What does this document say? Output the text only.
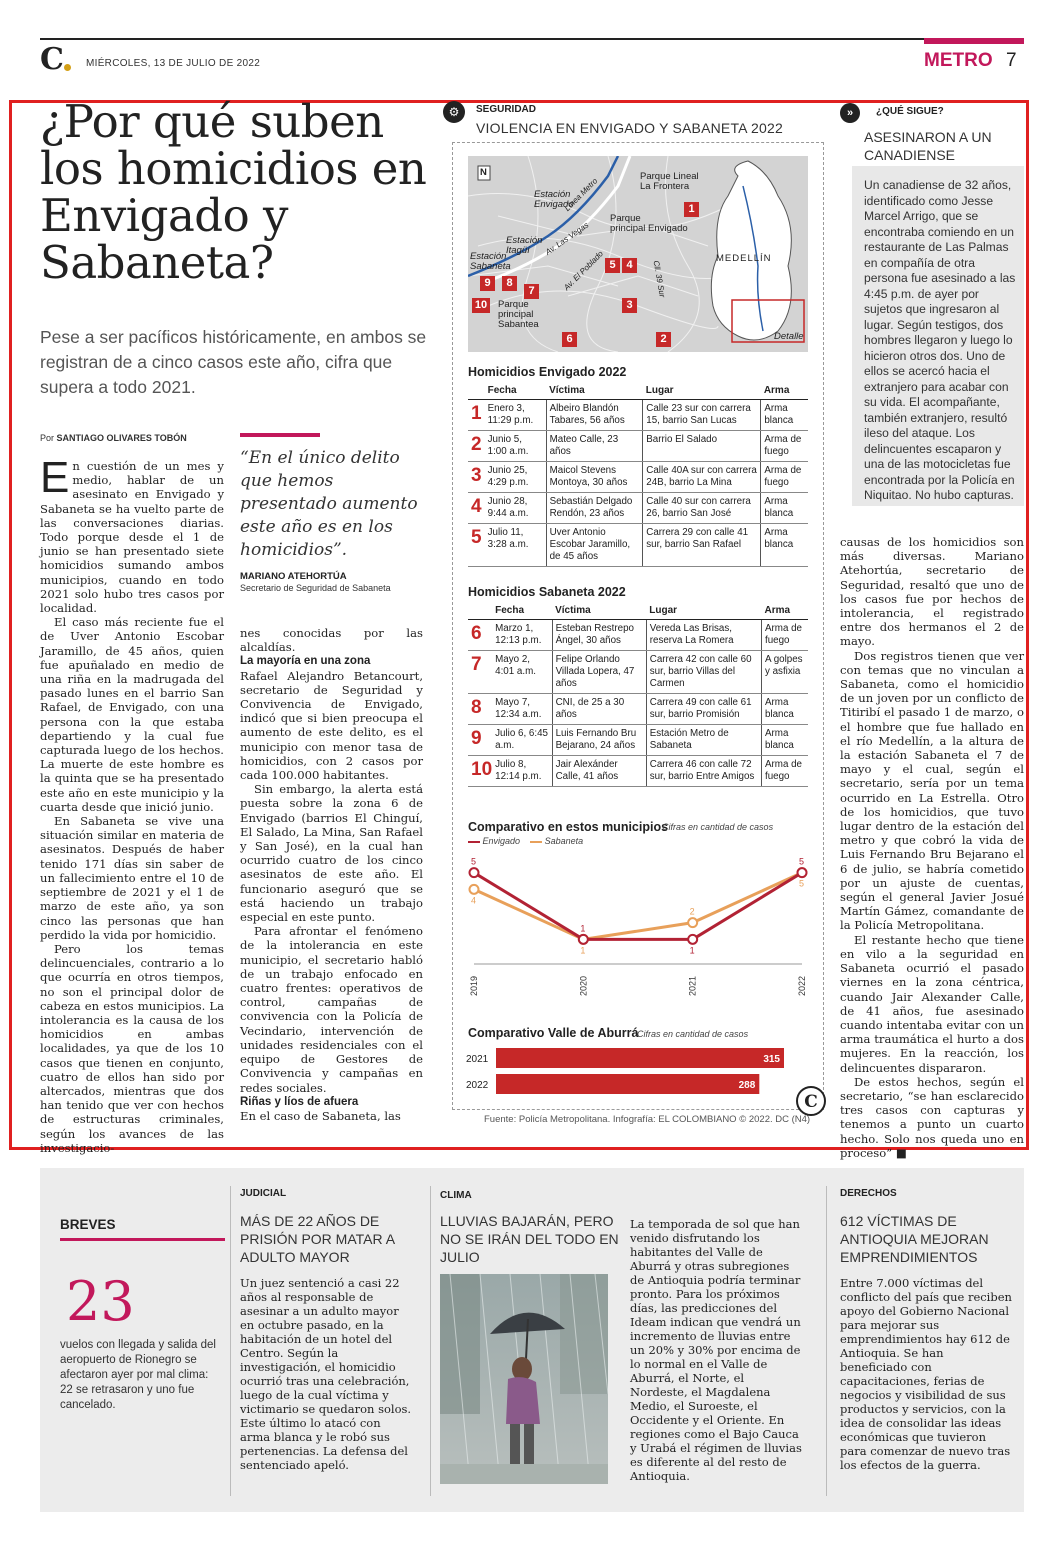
C MIÉRCOLES, 13 DE JULIO DE 2022	METRO 7
¿Por qué suben los homicidios en Envigado y Sabaneta?
Pese a ser pacíficos históricamente, en ambos se registran de a cinco casos este año, cifra que supera a todo 2021.
Por SANTIAGO OLIVARES TOBÓN

En cuestión de un mes y medio, hablar de un asesinato en Envigado y Sabaneta se ha vuelto parte de las conversaciones diarias. Todo porque desde el 1 de junio se han presentado siete homicidios sumando ambos municipios, cuando en todo 2021 solo hubo tres casos por localidad.

El caso más reciente fue el de Uver Antonio Escobar Jaramillo, de 45 años, quien fue apuñalado en medio de una riña en la madrugada del pasado lunes en el barrio San Rafael, de Envigado, con una persona con la que estaba departiendo y la cual fue capturada luego de los hechos. La muerte de este hombre es la quinta que se ha presentado este año en este municipio y la cuarta desde que inició junio.

En Sabaneta se vive una situación similar en materia de asesinatos. Después de haber tenido 171 días sin saber de un fallecimiento entre el 10 de septiembre de 2021 y el 1 de marzo de este año, ya son cinco las personas que han perdido la vida por homicidio.

Pero los temas delincuenciales, contrario a lo que ocurría en otros tiempos, no son el principal dolor de cabeza en estos municipios. La intolerancia es la causa de los homicidios en ambas localidades, ya que de los 10 casos que tienen en conjunto, cuatro de ellos han sido por altercados, mientras que dos han tenido que ver con hechos de estructuras criminales, según los avances de las investigacio-

“En el único delito que hemos presentado aumento este año es en los homicidios”.
MARIANO ATEHORTÚA
Secretario de Seguridad de Sabaneta

nes conocidas por las alcaldías.

La mayoría en una zona

Rafael Alejandro Betancourt, secretario de Seguridad y Convivencia de Envigado, indicó que si bien preocupa el aumento de este delito, es el municipio con menor tasa de homicidios, con 2 casos por cada 100.000 habitantes.

Sin embargo, la alerta está puesta sobre la zona 6 de Envigado (barrios El Chinguí, El Salado, La Mina, San Rafael y San José), en la cual han ocurrido cuatro de los cinco asesinatos de este año. El funcionario aseguró que se está haciendo un trabajo especial en este punto.

Para afrontar el fenómeno de la intolerancia en este municipio, el secretario habló de un trabajo enfocado en cuatro frentes: operativos de control, campañas de convivencia con la Policía de Vecindario, intervención de unidades residenciales con el equipo de Gestores de Convivencia y campañas en redes sociales.

Riñas y líos de afuera

En el caso de Sabaneta, las

⚙	SEGURIDAD
VIOLENCIA EN ENVIGADO Y SABANETA 2022
N	Parque Lineal
La Frontera
Estación
Envigado
Parque
principal Envigado
Estación
Itagüí
Estación
Sabaneta
Parque
principal
Sabantea
MEDELLÍN
Detalle
Av. Las Vegas
Línea Metro
Av. El Poblado	Cll. 39 Sur
1
2
3
4
5
6
7
8
9
10
Homicidios Envigado 2022
	Fecha	Víctima	Lugar	Arma
1	Enero 3, 11:29 p.m.	Albeiro Blandón Tabares, 56 años	Calle 23 sur con carrera 15, barrio San Lucas	Arma blanca
2	Junio 5, 1:00 a.m.	Mateo Calle, 23 años	Barrio El Salado	Arma de fuego
3	Junio 25, 4:29 p.m.	Maicol Stevens Montoya, 30 años	Calle 40A sur con carrera 24B, barrio La Mina	Arma de fuego
4	Junio 28, 9:44 a.m.	Sebastián Delgado Rendón, 23 años	Calle 40 sur con carrera 26, barrio San José	Arma blanca
5	Julio 11, 3:28 a.m.	Uver Antonio Escobar Jaramillo, de 45 años	Carrera 29 con calle 41 sur, barrio San Rafael	Arma blanca
Homicidios Sabaneta 2022
	Fecha	Víctima	Lugar	Arma
6	Marzo 1, 12:13 p.m.	Esteban Restrepo Ángel, 30 años	Vereda Las Brisas, reserva La Romera	Arma de fuego
7	Mayo 2, 4:01 a.m.	Felipe Orlando Villada Lopera, 47 años	Carrera 42 con calle 60 sur, barrio Villas del Carmen	A golpes y asfixia
8	Mayo 7, 12:34 a.m.	CNI, de 25 a 30 años	Carrera 49 con calle 61 sur, barrio Promisión	Arma blanca
9	Julio 6, 6:45 a.m.	Luis Fernando Bru Bejarano, 24 años	Estación Metro de Sabaneta	Arma blanca
10	Julio 8, 12:14 p.m.	Jair Alexánder Calle, 41 años	Carrera 46 con calle 72 sur, barrio Entre Amigos	Arma de fuego
Comparativo en estos municipios
Cifras en cantidad de casos
Envigado	Sabaneta
2019	2020	2021	2022
4
1
2
5
5
1
1
5
Comparativo Valle de Aburrá
Cifras en cantidad de casos
2021	315
2022	288
Fuente: Policía Metropolitana. Infografía: EL COLOMBIANO © 2022. DC (N4)
C
»	¿QUÉ SIGUE?
ASESINARON A UN CANADIENSE
Un canadiense de 32 años, identificado como Jesse Marcel Arrigo, que se encontraba comiendo en un restaurante de Las Palmas en compañía de otra persona fue asesinado a las 4:45 p.m. de ayer por sujetos que ingresaron al lugar. Según testigos, dos hombres llegaron y luego lo hicieron otros dos. Uno de ellos se acercó hacia el extranjero para acabar con su vida. El acompañante, también extranjero, resultó ileso del ataque. Los delincuentes escaparon y una de las motocicletas fue encontrada por la Policía en Niquitao. No hubo capturas.

causas de los homicidios son más diversas. Mariano Atehortúa, secretario de Seguridad, resaltó que uno de los casos fue por hechos de intolerancia, el registrado entre dos hermanos el 2 de mayo.

Dos registros tienen que ver con temas que no vinculan a Sabaneta, como el homicidio de un joven por un conflicto de Titiribí el pasado 1 de marzo, o el hombre que fue hallado en el río Medellín, a la altura de la estación Sabaneta el 7 de mayo y el cual, según el secretario, sería por un tema ocurrido en La Estrella. Otro de los homicidios, que tuvo lugar dentro de la estación del metro y que cobró la vida de Luis Fernando Bru Bejarano el 6 de julio, se habría cometido por un ajuste de cuentas, según el general Javier Josué Martín Gámez, comandante de la Policía Metropolitana.

El restante hecho que tiene en vilo a la seguridad en Sabaneta ocurrió el pasado viernes en la zona céntrica, cuando Jair Alexander Calle, de 41 años, fue asesinado cuando intentaba evitar con un arma traumática el hurto a dos mujeres. En la reacción, los delincuentes dispararon.

De estos hechos, según el secretario, “se han esclarecido tres casos con capturas y tenemos a punto un cuarto hecho. Solo nos queda uno en proceso” ■

BREVES
23
vuelos con llegada y salida del aeropuerto de Rionegro se afectaron ayer por mal clima: 22 se retrasaron y uno fue cancelado.
JUDICIAL
MÁS DE 22 AÑOS DE PRISIÓN POR MATAR A ADULTO MAYOR
Un juez sentenció a casi 22 años al responsable de asesinar a un adulto mayor en octubre pasado, en la habitación de un hotel del Centro. Según la investigación, el homicidio ocurrió tras una celebración, luego de la cual víctima y victimario se quedaron solos. Este último lo atacó con arma blanca y le robó sus pertenencias. La defensa del sentenciado apeló.
CLIMA
LLUVIAS BAJARÁN, PERO NO SE IRÁN DEL TODO EN JULIO
La temporada de sol que han venido disfrutando los habitantes del Valle de Aburrá y otras subregiones de Antioquia podría terminar pronto. Para los próximos días, las predicciones del Ideam indican que vendrá un incremento de lluvias entre un 20% y 30% por encima de lo normal en el Valle de Aburrá, el Norte, el Nordeste, el Magdalena Medio, el Suroeste, el Occidente y el Oriente. En regiones como el Bajo Cauca y Urabá el régimen de lluvias es diferente al del resto de Antioquia.
DERECHOS
612 VÍCTIMAS DE ANTIOQUIA MEJORAN EMPRENDIMIENTOS
Entre 7.000 víctimas del conflicto del país que reciben apoyo del Gobierno Nacional para mejorar sus emprendimientos hay 612 de Antioquia. Se han beneficiado con capacitaciones, ferias de negocios y visibilidad de sus productos y servicios, con la idea de consolidar las ideas económicas que tuvieron para comenzar de nuevo tras los efectos de la guerra.
